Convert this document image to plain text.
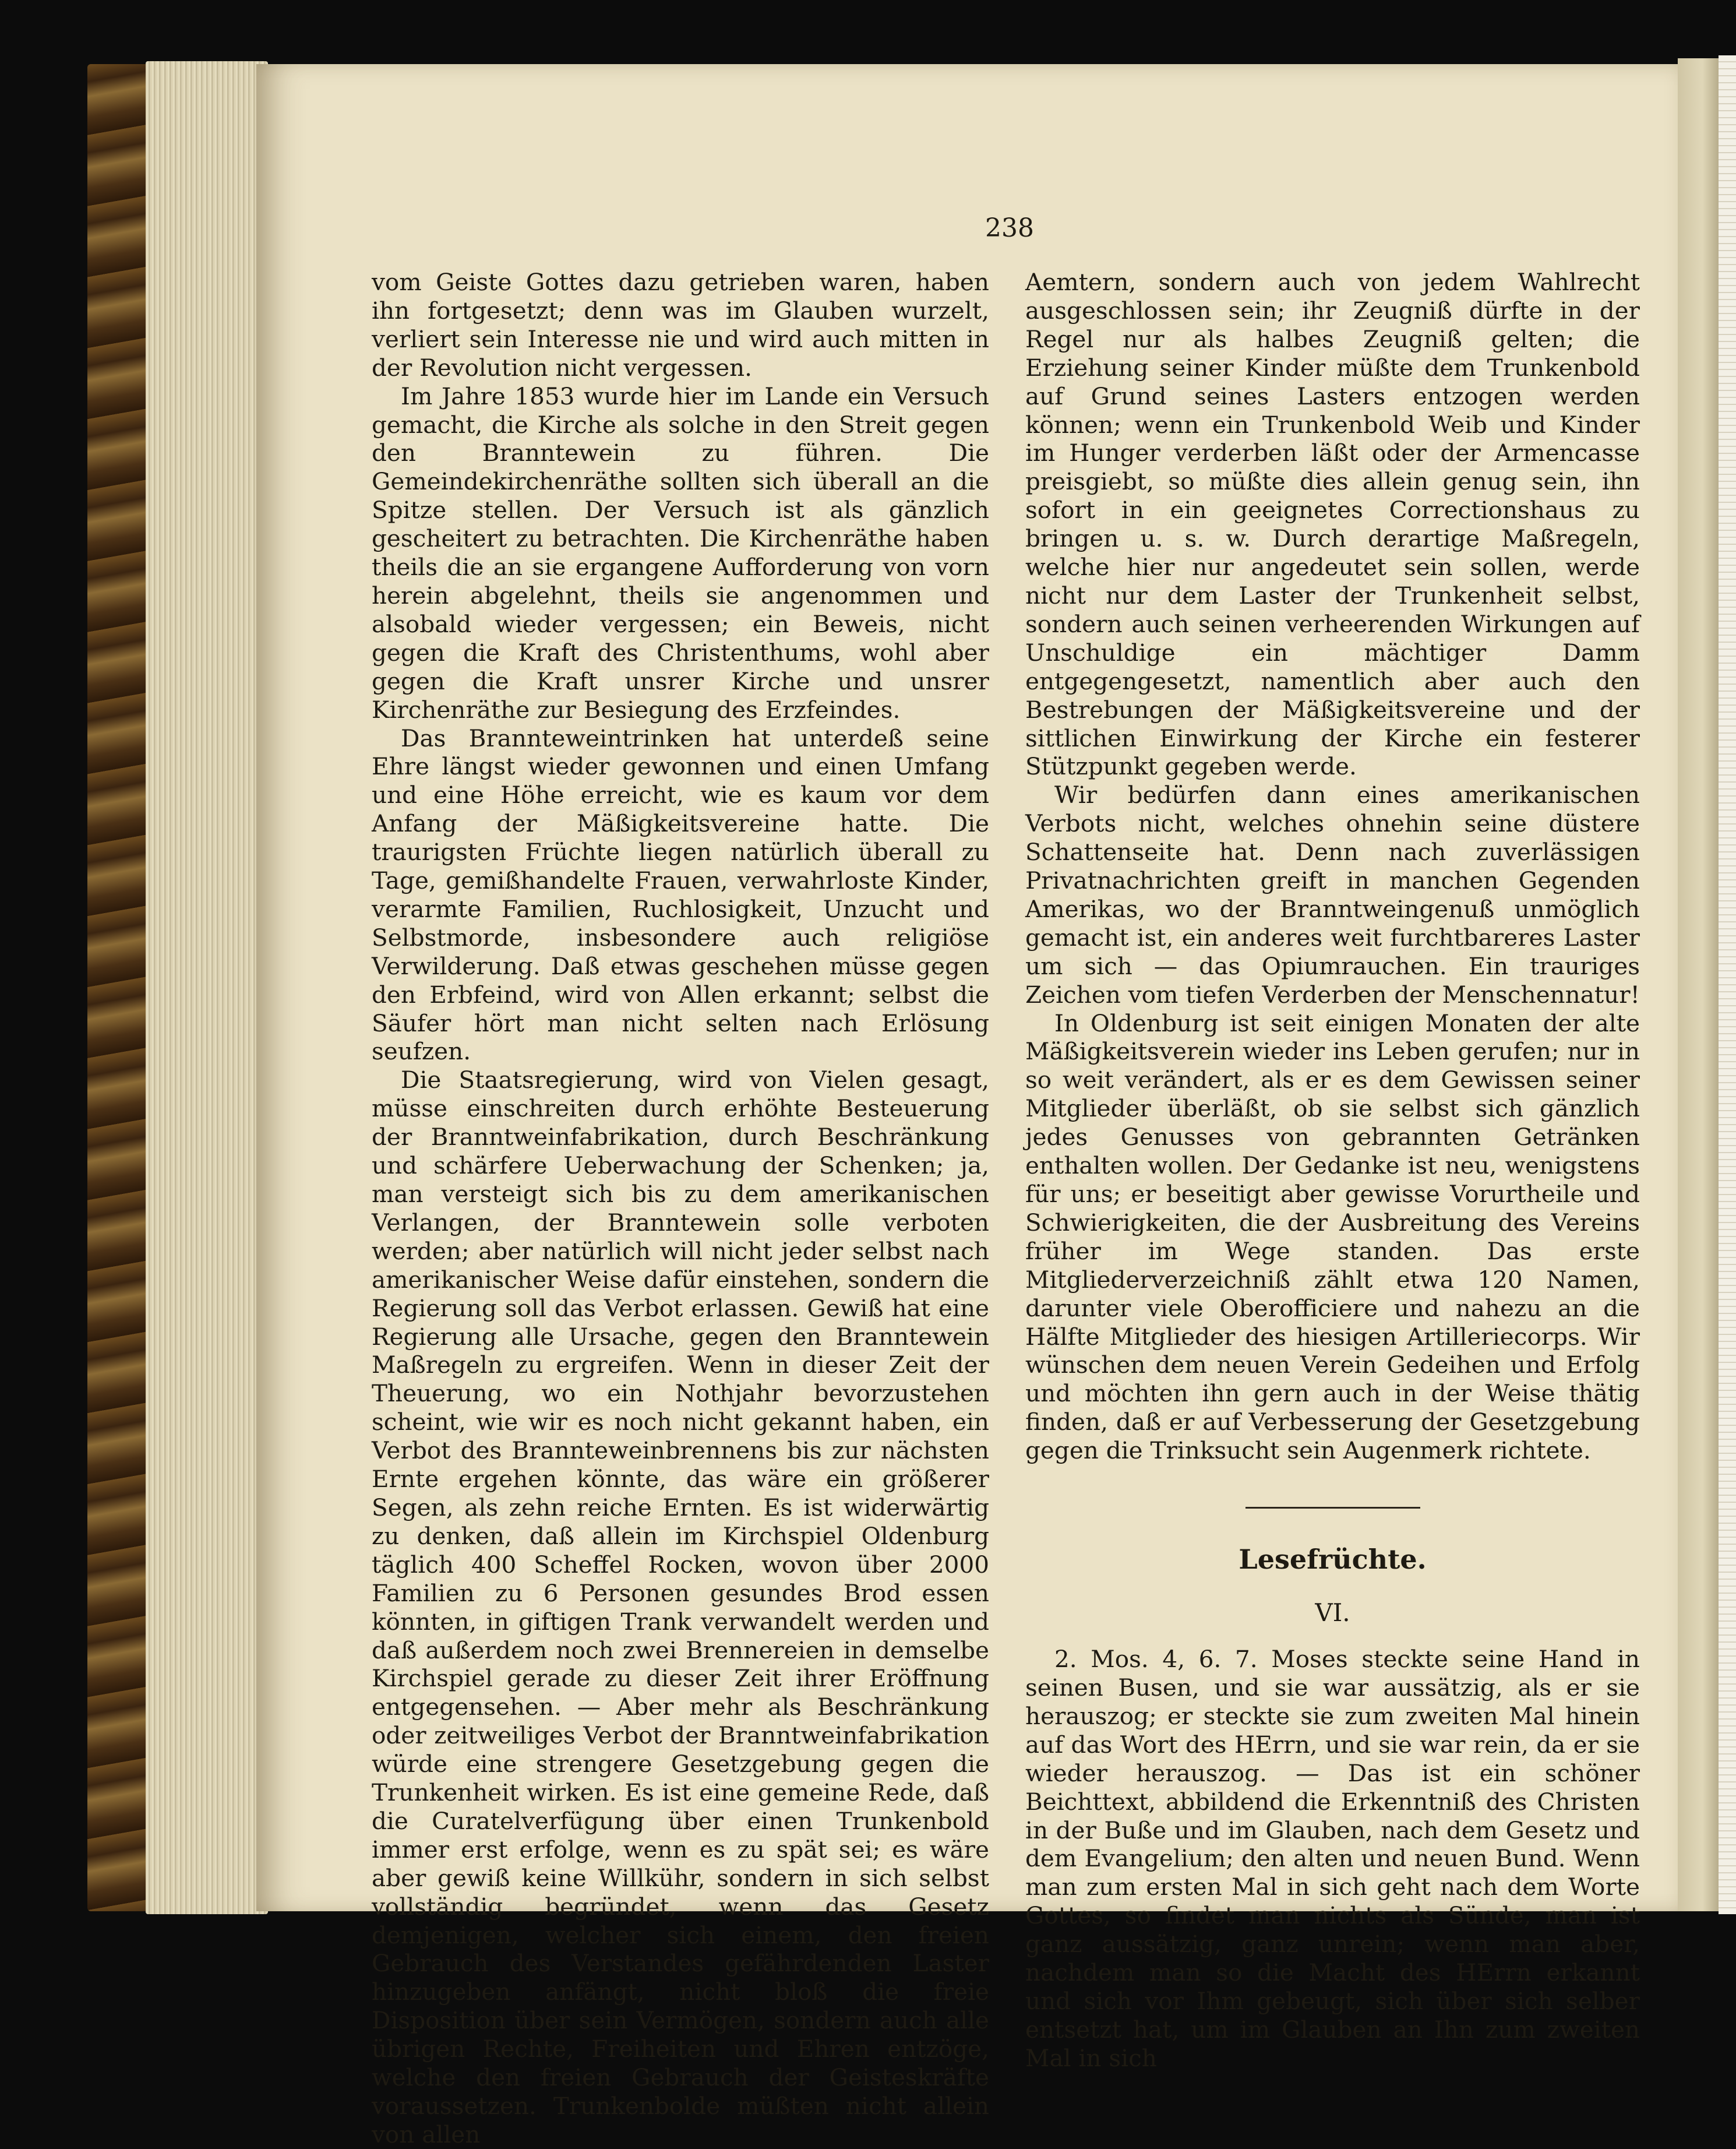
238

vom Geiste Gottes dazu getrieben waren, haben ihn fortgesetzt; denn was im Glauben wurzelt, verliert sein Interesse nie und wird auch mitten in der Revolution nicht vergessen.

Im Jahre 1853 wurde hier im Lande ein Versuch gemacht, die Kirche als solche in den Streit gegen den Branntewein zu führen. Die Gemeindekirchenräthe sollten sich überall an die Spitze stellen. Der Versuch ist als gänzlich gescheitert zu betrachten. Die Kirchenräthe haben theils die an sie ergangene Aufforderung von vorn herein abgelehnt, theils sie angenommen und alsobald wieder vergessen; ein Beweis, nicht gegen die Kraft des Christenthums, wohl aber gegen die Kraft unsrer Kirche und unsrer Kirchenräthe zur Besiegung des Erzfeindes.

Das Brannteweintrinken hat unterdeß seine Ehre längst wieder gewonnen und einen Umfang und eine Höhe erreicht, wie es kaum vor dem Anfang der Mäßigkeitsvereine hatte. Die traurigsten Früchte liegen natürlich überall zu Tage, gemißhandelte Frauen, verwahrloste Kinder, verarmte Familien, Ruchlosigkeit, Unzucht und Selbstmorde, insbesondere auch religiöse Verwilderung. Daß etwas geschehen müsse gegen den Erbfeind, wird von Allen erkannt; selbst die Säufer hört man nicht selten nach Erlösung seufzen.

Die Staatsregierung, wird von Vielen gesagt, müsse einschreiten durch erhöhte Besteuerung der Branntweinfabrikation, durch Beschränkung und schärfere Ueberwachung der Schenken; ja, man versteigt sich bis zu dem amerikanischen Verlangen, der Branntewein solle verboten werden; aber natürlich will nicht jeder selbst nach amerikanischer Weise dafür einstehen, sondern die Regierung soll das Verbot erlassen. Gewiß hat eine Regierung alle Ursache, gegen den Branntewein Maßregeln zu ergreifen. Wenn in dieser Zeit der Theuerung, wo ein Nothjahr bevorzustehen scheint, wie wir es noch nicht gekannt haben, ein Verbot des Brannteweinbrennens bis zur nächsten Ernte ergehen könnte, das wäre ein größerer Segen, als zehn reiche Ernten. Es ist widerwärtig zu denken, daß allein im Kirchspiel Oldenburg täglich 400 Scheffel Rocken, wovon über 2000 Familien zu 6 Personen gesundes Brod essen könnten, in giftigen Trank verwandelt werden und daß außerdem noch zwei Brennereien in demselbe Kirchspiel gerade zu dieser Zeit ihrer Eröffnung entgegensehen. — Aber mehr als Beschränkung oder zeitweiliges Verbot der Branntweinfabrikation würde eine strengere Gesetzgebung gegen die Trunkenheit wirken. Es ist eine gemeine Rede, daß die Curatelverfügung über einen Trunkenbold immer erst erfolge, wenn es zu spät sei; es wäre aber gewiß keine Willkühr, sondern in sich selbst vollständig begründet, wenn das Gesetz demjenigen, welcher sich einem, den freien Gebrauch des Verstandes gefährdenden Laster hinzugeben anfängt, nicht bloß die freie Disposition über sein Vermögen, sondern auch alle übrigen Rechte, Freiheiten und Ehren entzöge, welche den freien Gebrauch der Geisteskräfte voraussetzen. Trunkenbolde müßten nicht allein von allen

Aemtern, sondern auch von jedem Wahlrecht ausgeschlossen sein; ihr Zeugniß dürfte in der Regel nur als halbes Zeugniß gelten; die Erziehung seiner Kinder müßte dem Trunkenbold auf Grund seines Lasters entzogen werden können; wenn ein Trunkenbold Weib und Kinder im Hunger verderben läßt oder der Armencasse preisgiebt, so müßte dies allein genug sein, ihn sofort in ein geeignetes Correctionshaus zu bringen u. s. w. Durch derartige Maßregeln, welche hier nur angedeutet sein sollen, werde nicht nur dem Laster der Trunkenheit selbst, sondern auch seinen verheerenden Wirkungen auf Unschuldige ein mächtiger Damm entgegengesetzt, namentlich aber auch den Bestrebungen der Mäßigkeitsvereine und der sittlichen Einwirkung der Kirche ein festerer Stützpunkt gegeben werde.

Wir bedürfen dann eines amerikanischen Verbots nicht, welches ohnehin seine düstere Schattenseite hat. Denn nach zuverlässigen Privatnachrichten greift in manchen Gegenden Amerikas, wo der Branntweingenuß unmöglich gemacht ist, ein anderes weit furchtbareres Laster um sich — das Opiumrauchen. Ein trauriges Zeichen vom tiefen Verderben der Menschennatur!

In Oldenburg ist seit einigen Monaten der alte Mäßigkeitsverein wieder ins Leben gerufen; nur in so weit verändert, als er es dem Gewissen seiner Mitglieder überläßt, ob sie selbst sich gänzlich jedes Genusses von gebrannten Getränken enthalten wollen. Der Gedanke ist neu, wenigstens für uns; er beseitigt aber gewisse Vorurtheile und Schwierigkeiten, die der Ausbreitung des Vereins früher im Wege standen. Das erste Mitgliederverzeichniß zählt etwa 120 Namen, darunter viele Oberofficiere und nahezu an die Hälfte Mitglieder des hiesigen Artilleriecorps. Wir wünschen dem neuen Verein Gedeihen und Erfolg und möchten ihn gern auch in der Weise thätig finden, daß er auf Verbesserung der Gesetzgebung gegen die Trinksucht sein Augenmerk richtete.

Lesefrüchte.
VI.

2. Mos. 4, 6. 7. Moses steckte seine Hand in seinen Busen, und sie war aussätzig, als er sie herauszog; er steckte sie zum zweiten Mal hinein auf das Wort des HErrn, und sie war rein, da er sie wieder herauszog. — Das ist ein schöner Beichttext, abbildend die Erkenntniß des Christen in der Buße und im Glauben, nach dem Gesetz und dem Evangelium; den alten und neuen Bund. Wenn man zum ersten Mal in sich geht nach dem Worte Gottes, so findet man nichts als Sünde, man ist ganz aussätzig, ganz unrein; wenn man aber, nachdem man so die Macht des HErrn erkannt und sich vor Ihm gebeugt, sich über sich selber entsetzt hat, um im Glauben an Ihn zum zweiten Mal in sich
